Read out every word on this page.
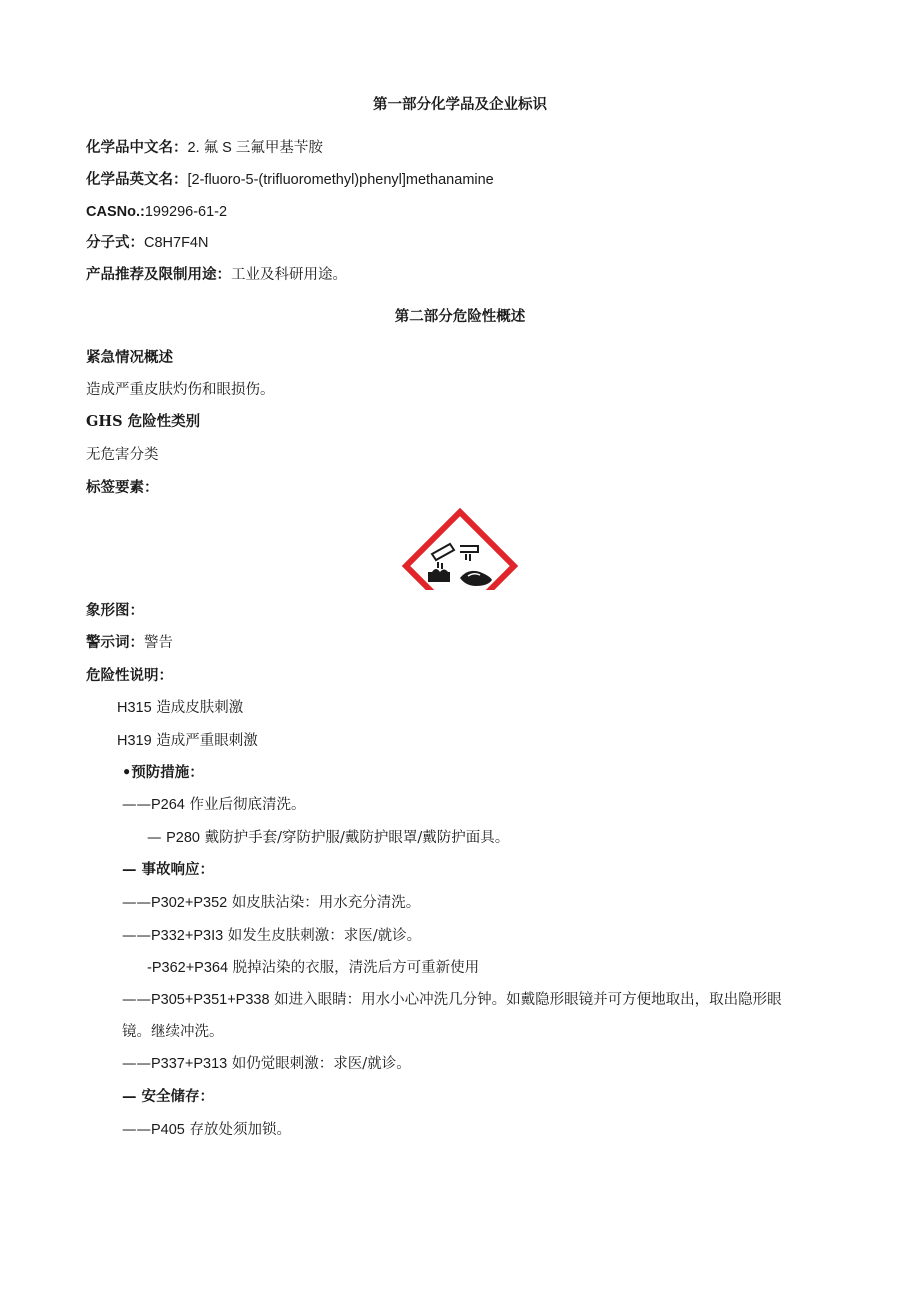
第一部分化学品及企业标识
化学品中文名：2. 氟 S 三氟甲基苄胺
化学品英文名：[2-fluoro-5-(trifluoromethyl)phenyl]methanamine
CASNo.:199296-61-2
分子式：C8H7F4N
产品推荐及限制用途：工业及科研用途。
第二部分危险性概述
紧急情况概述
造成严重皮肤灼伤和眼损伤。
GHS 危险性类别
无危害分类
标签要素：
象形图：
警示词：警告
危险性说明：
H315 造成皮肤刺激
H319 造成严重眼刺激
•预防措施：
——P264 作业后彻底清洗。
— P280 戴防护手套/穿防护服/戴防护眼罩/戴防护面具。
— 事故响应：
——P302+P352 如皮肤沾染：用水充分清洗。
——P332+P3I3 如发生皮肤刺激：求医/就诊。
-P362+P364 脱掉沾染的衣服，清洗后方可重新使用
——P305+P351+P338 如进入眼睛：用水小心冲洗几分钟。如戴隐形眼镜并可方便地取出，取出隐形眼
镜。继续冲洗。
——P337+P313 如仍觉眼刺激：求医/就诊。
— 安全储存：
——P405 存放处须加锁。
